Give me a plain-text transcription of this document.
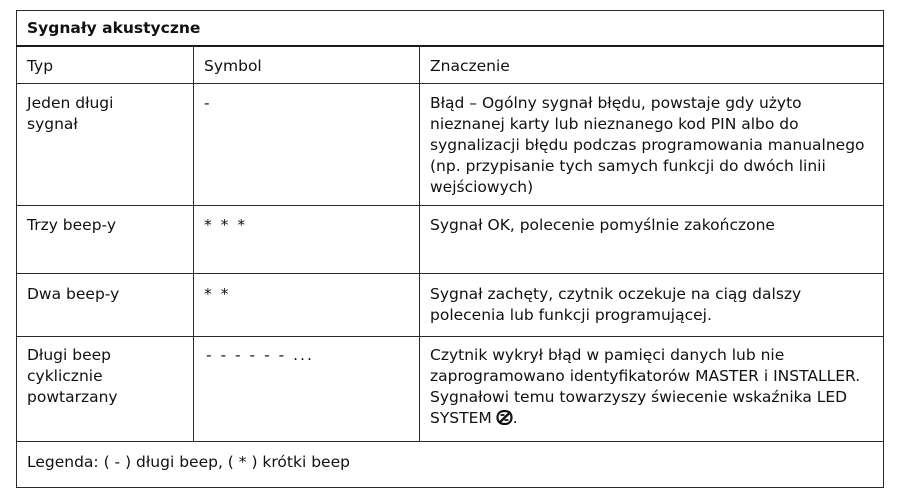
Sygnały akustyczne		
Typ	Symbol	Znaczenie
Jeden długi sygnał	-	Błąd – Ogólny sygnał błędu, powstaje gdy użyto nieznanej karty lub nieznanego kod PIN albo do sygnalizacji błędu podczas programowania manualnego (np. przypisanie tych samych funkcji do dwóch linii wejściowych)
Trzy beep-y	* * *	Sygnał OK, polecenie pomyślnie zakończone
Dwa beep-y	* *	Sygnał zachęty, czytnik oczekuje na ciąg dalszy polecenia lub funkcji programującej.
Długi beep cyklicznie powtarzany	- - - - - - ...	Czytnik wykrył błąd w pamięci danych lub nie zaprogramowano identyfikatorów MASTER i INSTALLER. Sygnałowi temu towarzyszy świecenie wskaźnika LED SYSTEM .
Legenda: ( - ) długi beep, ( * ) krótki beep		
